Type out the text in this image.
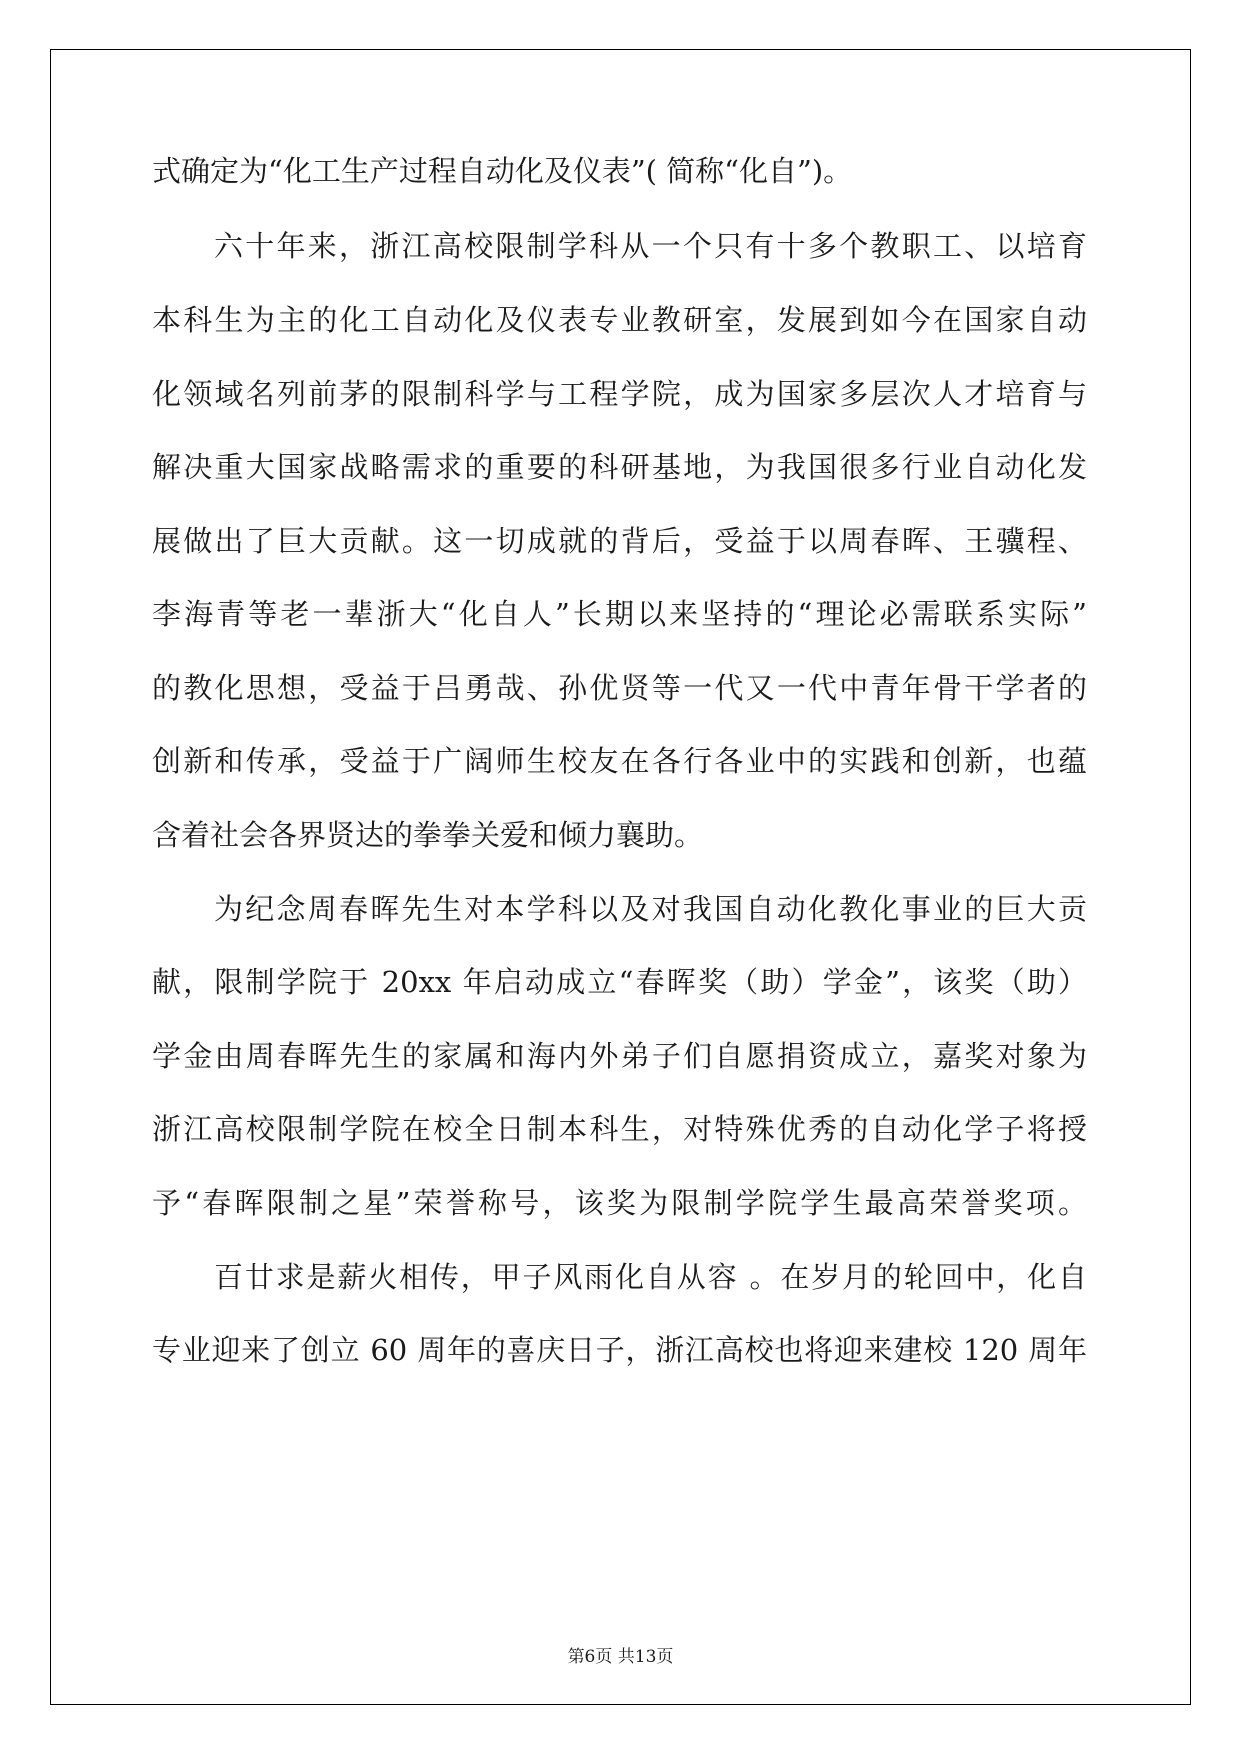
式确定为“化工生产过程自动化及仪表”( 简称“化自”)。
六十年来，浙江高校限制学科从一个只有十多个教职工、以培育
本科生为主的化工自动化及仪表专业教研室，发展到如今在国家自动
化领域名列前茅的限制科学与工程学院，成为国家多层次人才培育与
解决重大国家战略需求的重要的科研基地，为我国很多行业自动化发
展做出了巨大贡献。这一切成就的背后，受益于以周春晖、王骥程、
李海青等老一辈浙大“化自人”长期以来坚持的“理论必需联系实际”
的教化思想，受益于吕勇哉、孙优贤等一代又一代中青年骨干学者的
创新和传承，受益于广阔师生校友在各行各业中的实践和创新，也蕴
含着社会各界贤达的拳拳关爱和倾力襄助。
为纪念周春晖先生对本学科以及对我国自动化教化事业的巨大贡
献，限制学院于 20xx 年启动成立“春晖奖（助）学金”，该奖（助）
学金由周春晖先生的家属和海内外弟子们自愿捐资成立，嘉奖对象为
浙江高校限制学院在校全日制本科生，对特殊优秀的自动化学子将授
予“春晖限制之星”荣誉称号，该奖为限制学院学生最高荣誉奖项。
百廿求是薪火相传，甲子风雨化自从容 。在岁月的轮回中，化自
专业迎来了创立 60 周年的喜庆日子，浙江高校也将迎来建校 120 周年
第6页 共13页
